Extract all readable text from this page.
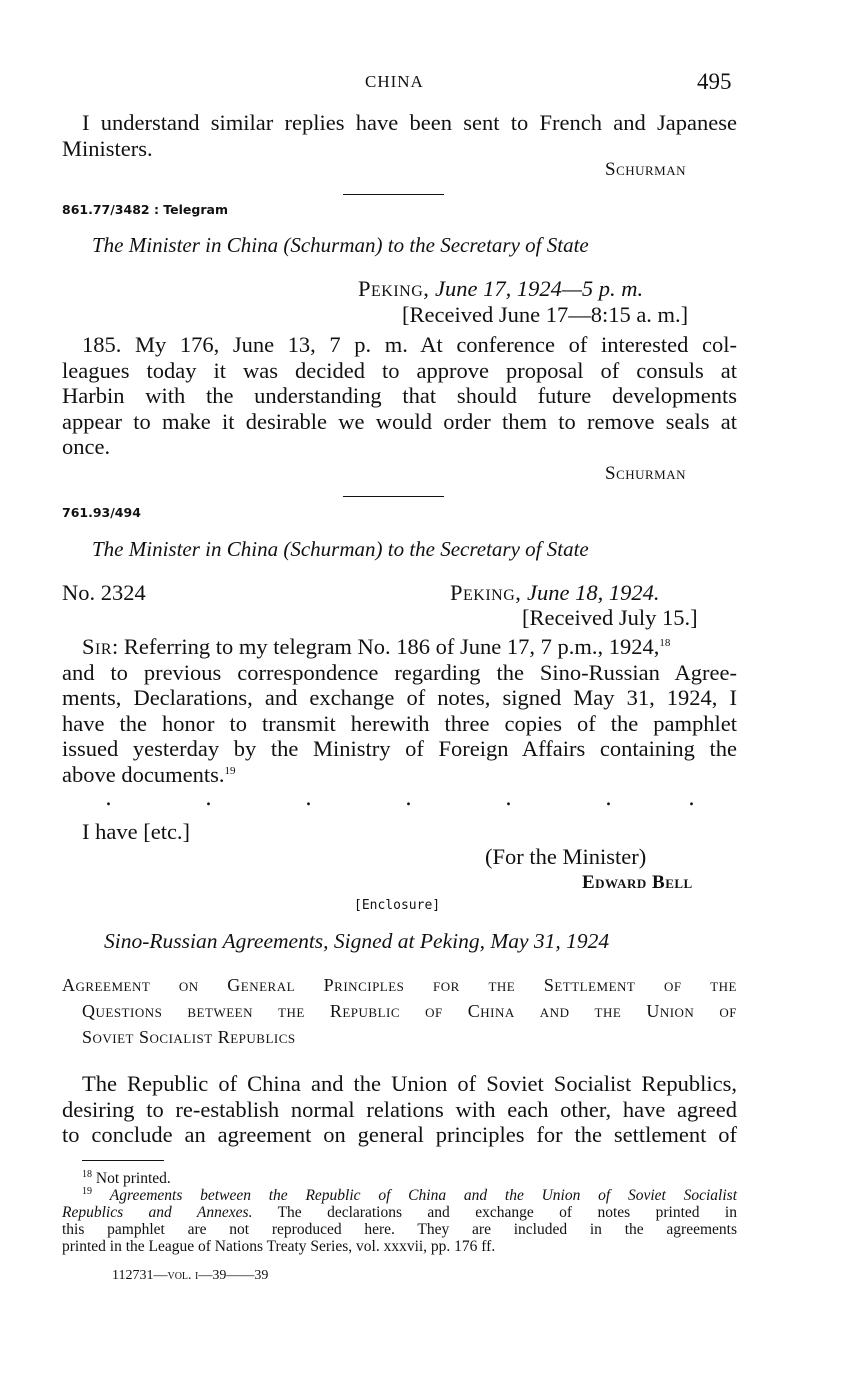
CHINA	495
I understand similar replies have been sent to French and Japanese
Ministers.
Schurman
861.77/3482 : Telegram
The Minister in China (Schurman) to the Secretary of State
Peking, June 17, 1924—5 p. m.
[Received June 17—8:15 a. m.]
185. My 176, June 13, 7 p. m. At conference of interested col-
leagues today it was decided to approve proposal of consuls at
Harbin with the understanding that should future developments
appear to make it desirable we would order them to remove seals at
once.
Schurman
761.93/494
The Minister in China (Schurman) to the Secretary of State
No. 2324	Peking, June 18, 1924.
[Received July 15.]
Sir: Referring to my telegram No. 186 of June 17, 7 p.m., 1924,18
and to previous correspondence regarding the Sino-Russian Agree-
ments, Declarations, and exchange of notes, signed May 31, 1924, I
have the honor to transmit herewith three copies of the pamphlet
issued yesterday by the Ministry of Foreign Affairs containing the
above documents.$^{19}$
.	.	.	.	.	.	.
I have [etc.]
(For the Minister)
Edward Bell
[Enclosure]
Sino-Russian Agreements, Signed at Peking, May 31, 1924
Agreement on General Principles for the Settlement of the
Questions between the Republic of China and the Union of
Soviet Socialist Republics
The Republic of China and the Union of Soviet Socialist Republics,
desiring to re-establish normal relations with each other, have agreed
to conclude an agreement on general principles for the settlement of
$^{18}$ Not printed.
$^{19}$ Agreements between the Republic of China and the Union of Soviet Socialist
Republics and Annexes. The declarations and exchange of notes printed in
this pamphlet are not reproduced here. They are included in the agreements
printed in the League of Nations Treaty Series, vol. xxxvii, pp. 176 ff.
112731—vol. i—39——39
